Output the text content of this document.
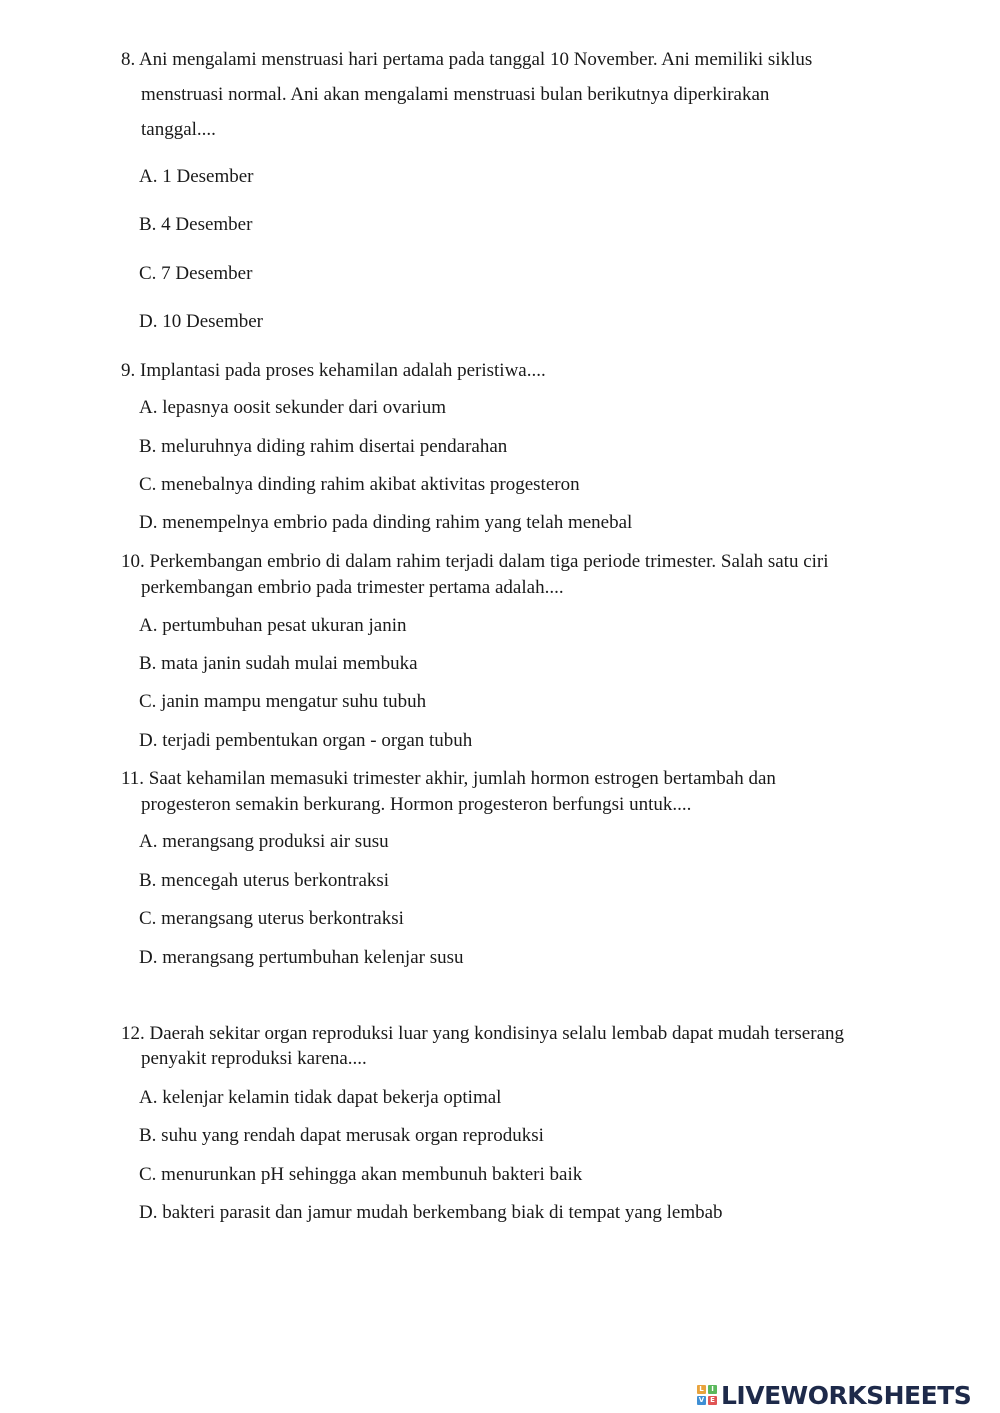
8. Ani mengalami menstruasi hari pertama pada tanggal 10 November. Ani memiliki siklus
menstruasi normal. Ani akan mengalami menstruasi bulan berikutnya diperkirakan
tanggal....
A. 1 Desember
B. 4 Desember
C. 7 Desember
D. 10 Desember
9. Implantasi pada proses kehamilan adalah peristiwa....
A. lepasnya oosit sekunder dari ovarium
B. meluruhnya diding rahim disertai pendarahan
C. menebalnya dinding rahim akibat aktivitas progesteron
D. menempelnya embrio pada dinding rahim yang telah menebal
10. Perkembangan embrio di dalam rahim terjadi dalam tiga periode trimester. Salah satu ciri
perkembangan embrio pada trimester pertama adalah....
A. pertumbuhan pesat ukuran janin
B. mata janin sudah mulai membuka
C. janin mampu mengatur suhu tubuh
D. terjadi pembentukan organ - organ tubuh
11. Saat kehamilan memasuki trimester akhir, jumlah hormon estrogen bertambah dan
progesteron semakin berkurang. Hormon progesteron berfungsi untuk....
A. merangsang produksi air susu
B. mencegah uterus berkontraksi
C. merangsang uterus berkontraksi
D. merangsang pertumbuhan kelenjar susu
12. Daerah sekitar organ reproduksi luar yang kondisinya selalu lembab dapat mudah terserang
penyakit reproduksi karena....
A. kelenjar kelamin tidak dapat bekerja optimal
B. suhu yang rendah dapat merusak organ reproduksi
C. menurunkan pH sehingga akan membunuh bakteri baik
D. bakteri parasit dan jamur mudah berkembang biak di tempat yang lembab
L	I
V E LIVEWORKSHEETS
